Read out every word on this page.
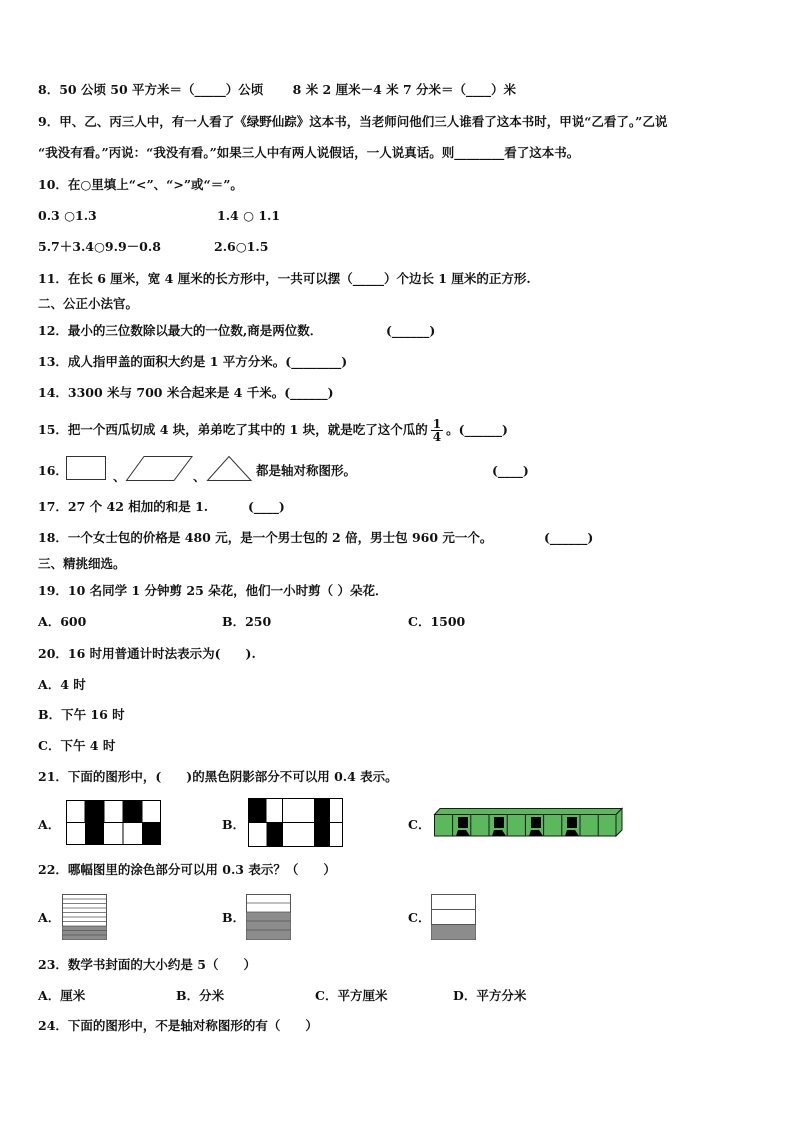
8．50 公顷 50 平方米＝（_____）公顷 　　8 米 2 厘米－4 米 7 分米＝（____）米
9．甲、乙、丙三人中，有一人看了《绿野仙踪》这本书，当老师问他们三人谁看了这本书时，甲说“乙看了。”乙说
“我没有看。”丙说：“我没有看。”如果三人中有两人说假话，一人说真话。则________看了这本书。
10．在○里填上“<”、“>”或“＝”。
0.3 ○1.3	1.4 ○ 1.1
5.7＋3.4○9.9－0.8	2.6○1.5
11．在长 6 厘米，宽 4 厘米的长方形中，一共可以摆（_____）个边长 1 厘米的正方形.
二、公正小法官。
12．最小的三位数除以最大的一位数,商是两位数．	(______)
13．成人指甲盖的面积大约是 1 平方分米。(________)
14．3300 米与 700 米合起来是 4 千米。(______)
15．把一个西瓜切成 4 块，弟弟吃了其中的 1 块，就是吃了这个瓜的 $\frac{1}{4}$ 。(______)
16．	、	、	都是轴对称图形。	(____)
17．27 个 42 相加的和是 1.	(____)
18．一个女士包的价格是 480 元，是一个男士包的 2 倍，男士包 960 元一个。	(______)
三、精挑细选。
19．10 名同学 1 分钟剪 25 朵花，他们一小时剪（ ）朵花．
A．600	B．250	C．1500
20．16 时用普通计时法表示为(　　).
A．4 时
B．下午 16 时
C．下午 4 时
21．下面的图形中，(　　)的黑色阴影部分不可以用 0.4 表示。
A．	B．	C．
22．哪幅图里的涂色部分可以用 0.3 表示？（　　）
A．	B．	C．
23．数学书封面的大小约是 5（　　）
A．厘米	B．分米	C．平方厘米	D．平方分米
24．下面的图形中，不是轴对称图形的有（　　）
